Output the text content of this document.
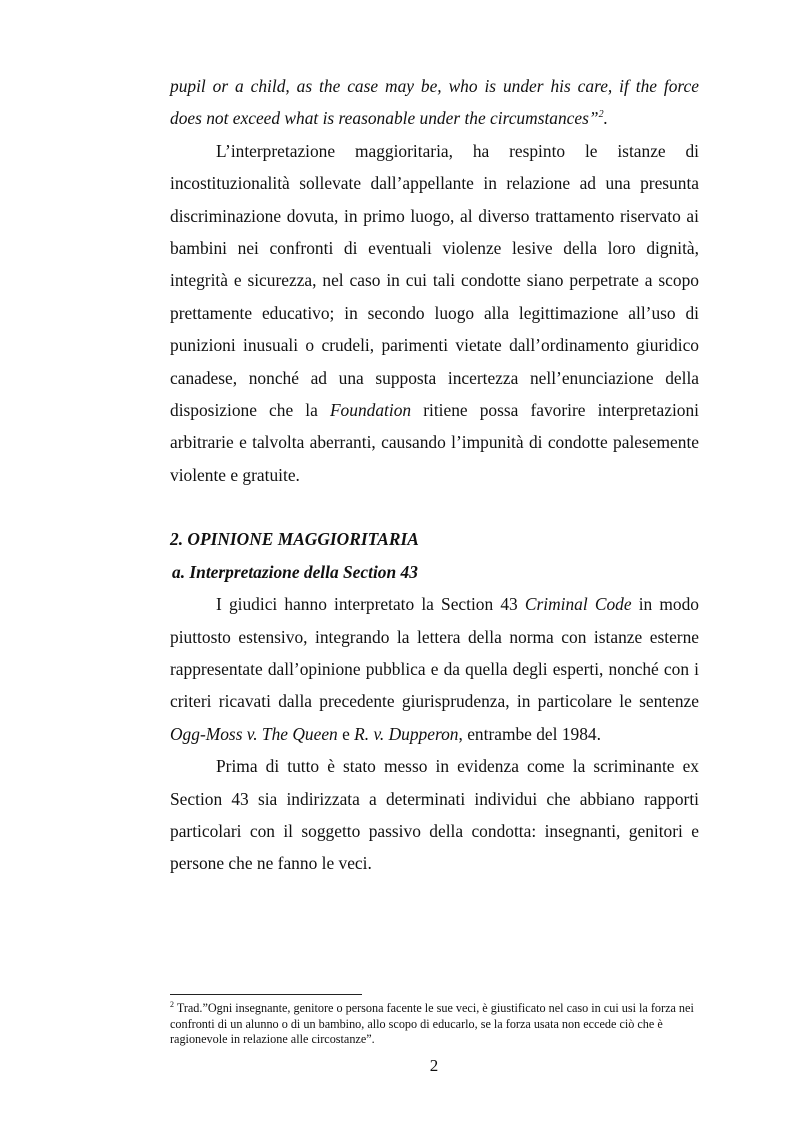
pupil or a child, as the case may be, who is under his care, if the force
does not exceed what is reasonable under the circumstances”$^2$.

L’interpretazione maggioritaria, ha respinto le istanze di incostituzionalità sollevate dall’appellante in relazione ad una presunta discriminazione dovuta, in primo luogo, al diverso trattamento riservato ai bambini nei confronti di eventuali violenze lesive della loro dignità, integrità e sicurezza, nel caso in cui tali condotte siano perpetrate a scopo prettamente educativo; in secondo luogo alla legittimazione all’uso di punizioni inusuali o crudeli, parimenti vietate dall’ordinamento giuridico canadese, nonché ad una supposta incertezza nell’enunciazione della disposizione che la Foundation ritiene possa favorire interpretazioni arbitrarie e talvolta aberranti, causando l’impunità di condotte palesemente violente e gratuite.

2. OPINIONE MAGGIORITARIA
a. Interpretazione della Section 43

I giudici hanno interpretato la Section 43 Criminal Code in modo piuttosto estensivo, integrando la lettera della norma con istanze esterne rappresentate dall’opinione pubblica e da quella degli esperti, nonché con i criteri ricavati dalla precedente giurisprudenza, in particolare le sentenze Ogg-Moss v. The Queen e R. v. Dupperon, entrambe del 1984.

Prima di tutto è stato messo in evidenza come la scriminante ex Section 43 sia indirizzata a determinati individui che abbiano rapporti particolari con il soggetto passivo della condotta: insegnanti, genitori e persone che ne fanno le veci.

$^2$ Trad.”Ogni insegnante, genitore o persona facente le sue veci, è giustificato nel caso in cui usi la forza nei confronti di un alunno o di un bambino, allo scopo di educarlo, se la forza usata non eccede ciò che è ragionevole in relazione alle circostanze”.

2
